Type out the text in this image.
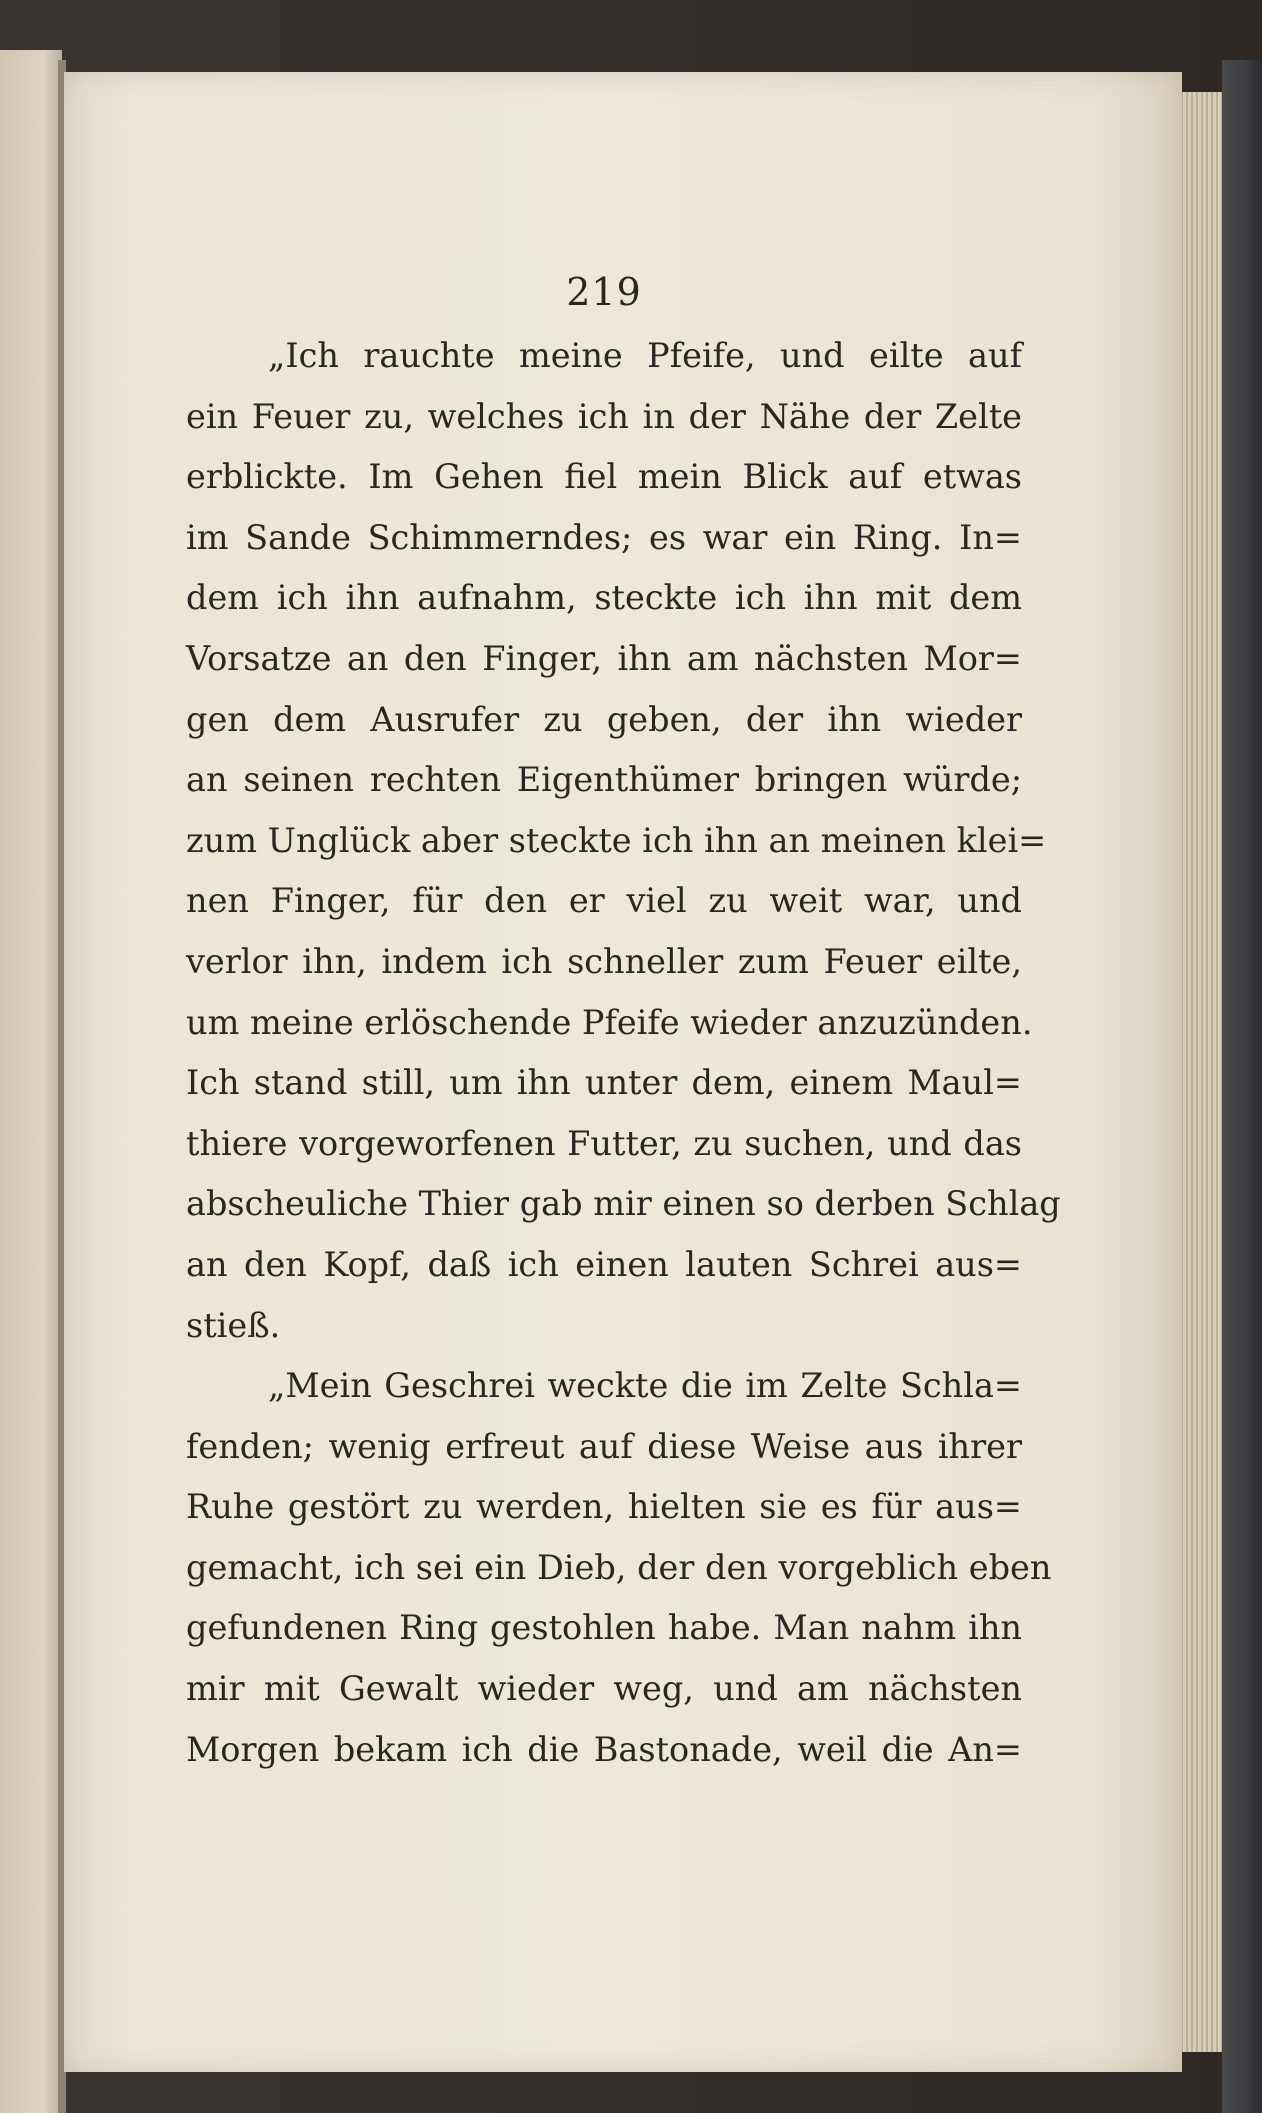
219
„Ich rauchte meine Pfeife, und eilte auf
ein Feuer zu, welches ich in der Nähe der Zelte
erblickte. Im Gehen fiel mein Blick auf etwas
im Sande Schimmerndes; es war ein Ring. In=
dem ich ihn aufnahm, steckte ich ihn mit dem
Vorsatze an den Finger, ihn am nächsten Mor=
gen dem Ausrufer zu geben, der ihn wieder
an seinen rechten Eigenthümer bringen würde;
zum Unglück aber steckte ich ihn an meinen klei=
nen Finger, für den er viel zu weit war, und
verlor ihn, indem ich schneller zum Feuer eilte,
um meine erlöschende Pfeife wieder anzuzünden.
Ich stand still, um ihn unter dem, einem Maul=
thiere vorgeworfenen Futter, zu suchen, und das
abscheuliche Thier gab mir einen so derben Schlag
an den Kopf, daß ich einen lauten Schrei aus=
stieß.
„Mein Geschrei weckte die im Zelte Schla=
fenden; wenig erfreut auf diese Weise aus ihrer
Ruhe gestört zu werden, hielten sie es für aus=
gemacht, ich sei ein Dieb, der den vorgeblich eben
gefundenen Ring gestohlen habe. Man nahm ihn
mir mit Gewalt wieder weg, und am nächsten
Morgen bekam ich die Bastonade, weil die An=
